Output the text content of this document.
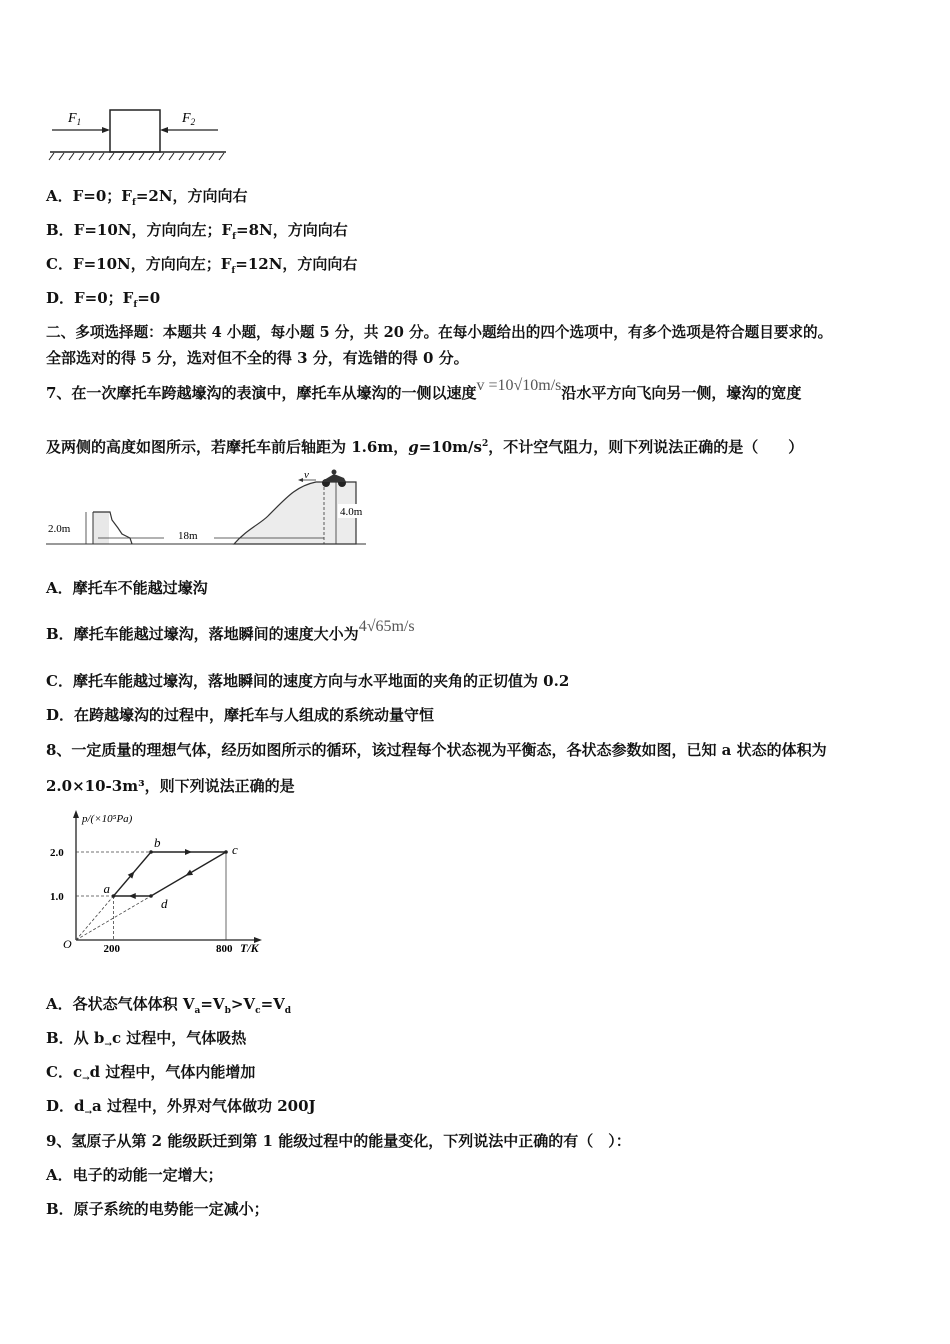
$F_1$	$F_2$
A．F=0；$F_f=2N$，方向向右
B．F=10N，方向向左；$F_f=8N$，方向向右
C．F=10N，方向向左；$F_f=12N$，方向向右
D．F=0；$F_f=0$
二、多项选择题：本题共 4 小题，每小题 5 分，共 20 分。在每小题给出的四个选项中，有多个选项是符合题目要求的。
全部选对的得 5 分，选对但不全的得 3 分，有选错的得 0 分。
7、在一次摩托车跨越壕沟的表演中，摩托车从壕沟的一侧以速度v =10√10m/s沿水平方向飞向另一侧，壕沟的宽度
及两侧的高度如图所示，若摩托车前后轴距为 1.6m，$g=10m/s^2$，不计空气阻力，则下列说法正确的是（　　）
2.0m
18m
4.0m
v
A．摩托车不能越过壕沟
B．摩托车能越过壕沟，落地瞬间的速度大小为4√65m/s
C．摩托车能越过壕沟，落地瞬间的速度方向与水平地面的夹角的正切值为 0.2
D．在跨越壕沟的过程中，摩托车与人组成的系统动量守恒
8、一定质量的理想气体，经历如图所示的循环，该过程每个状态视为平衡态，各状态参数如图，已知 a 状态的体积为
2.0×10-3m³，则下列说法正确的是
p/(×10⁵Pa)
T/K
O
a
b	c
d
200	800
1.0
2.0
A．各状态气体体积 $V_a=V_b>V_c=V_d$
B．从 $b_\to c$ 过程中，气体吸热
C．$c_\to d$ 过程中，气体内能增加
D．$d_\to a$ 过程中，外界对气体做功 200J
9、氢原子从第 2 能级跃迁到第 1 能级过程中的能量变化，下列说法中正确的有（　）：
A．电子的动能一定增大；
B．原子系统的电势能一定减小；
